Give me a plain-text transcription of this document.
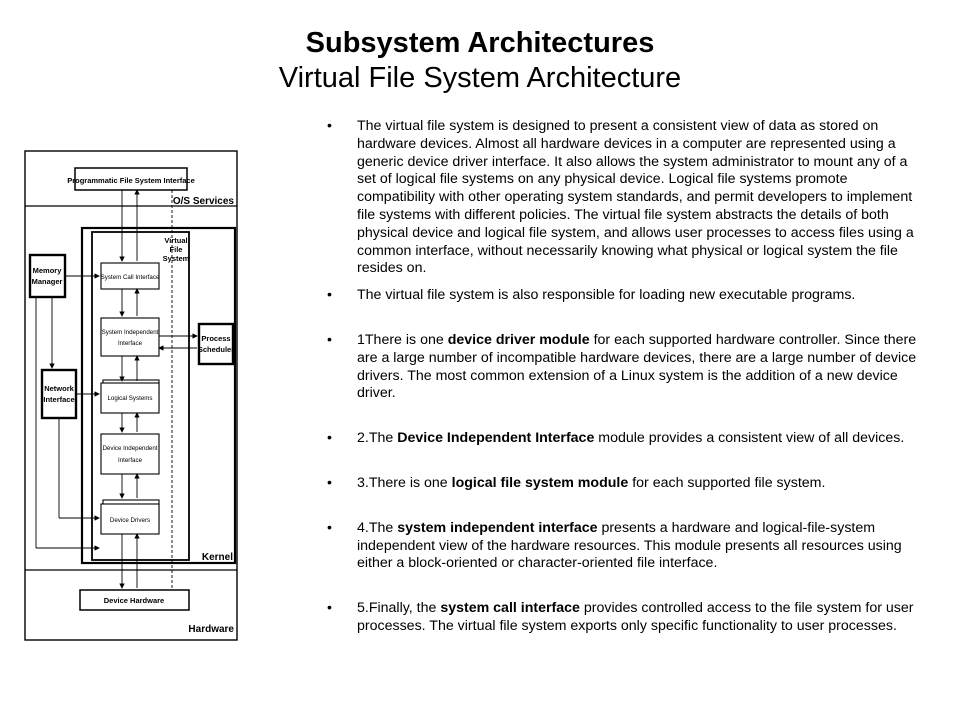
Subsystem Architectures
Virtual File System Architecture
Programmatic File System Interface
O/S Services
Virtual
File
System
Memory
Manager	System Call Interface
System Independent
Interface
Process
Scheduler
Network
Interface	Logical Systems
Device Independent
Interface
Device Drivers
Kernel
Device Hardware
Hardware
• The virtual file system is designed to present a consistent view of data as stored on hardware devices. Almost all hardware devices in a computer are represented using a generic device driver interface. It also allows the system administrator to mount any of a set of logical file systems on any physical device. Logical file systems promote compatibility with other operating system standards, and permit developers to implement file systems with different policies. The virtual file system abstracts the details of both physical device and logical file system, and allows user processes to access files using a common interface, without necessarily knowing what physical or logical system the file resides on.
• The virtual file system is also responsible for loading new executable programs.
• 1There is one device driver module for each supported hardware controller. Since there are a large number of incompatible hardware devices, there are a large number of device drivers. The most common extension of a Linux system is the addition of a new device driver.
• 2.The Device Independent Interface module provides a consistent view of all devices.
• 3.There is one logical file system module for each supported file system.
• 4.The system independent interface presents a hardware and logical-file-system independent view of the hardware resources. This module presents all resources using either a block-oriented or character-oriented file interface.
• 5.Finally, the system call interface provides controlled access to the file system for user processes. The virtual file system exports only specific functionality to user processes.
